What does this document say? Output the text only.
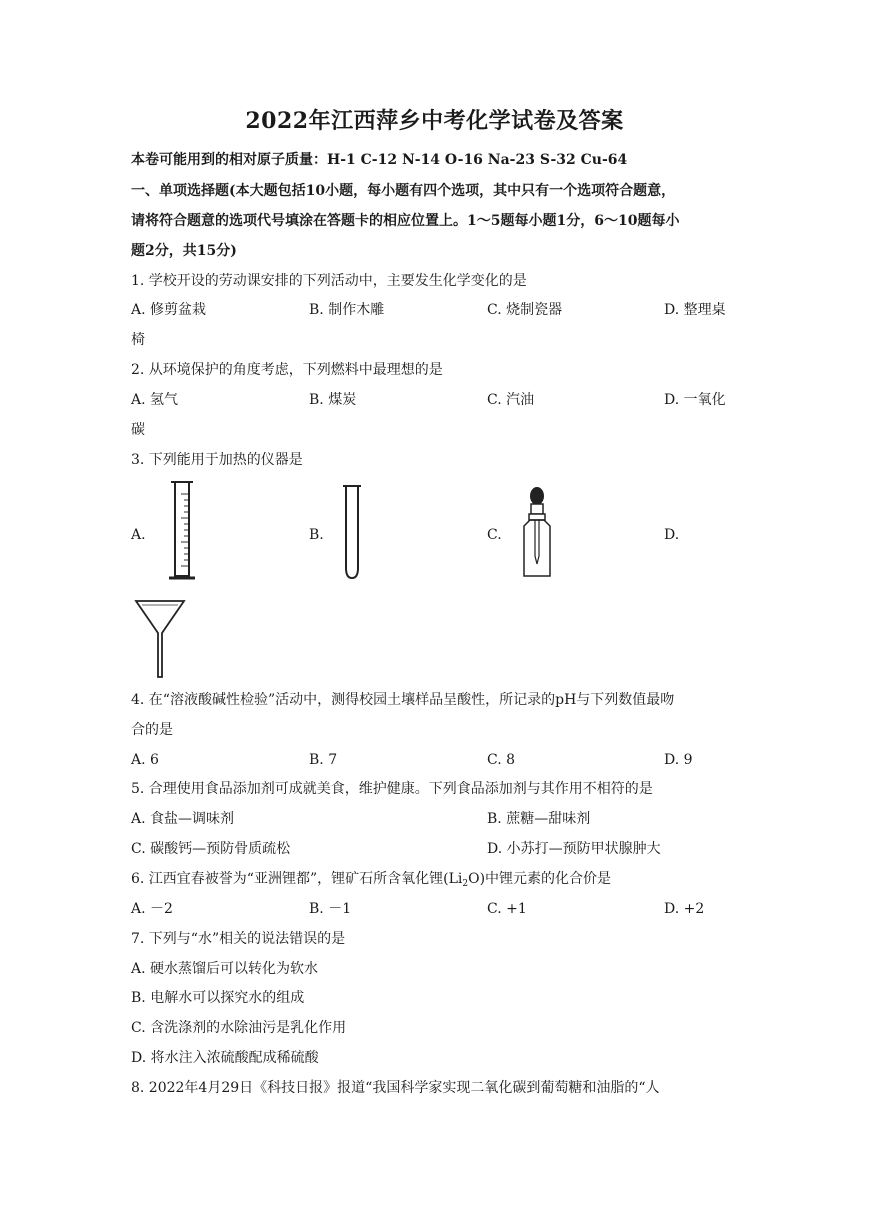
2022年江西萍乡中考化学试卷及答案
本卷可能用到的相对原子质量：H-1 C-12 N-14 O-16 Na-23 S-32 Cu-64
一、单项选择题(本大题包括10小题，每小题有四个选项，其中只有一个选项符合题意，
请将符合题意的选项代号填涂在答题卡的相应位置上。1～5题每小题1分，6～10题每小
题2分，共15分)
1. 学校开设的劳动课安排的下列活动中，主要发生化学变化的是
A. 修剪盆栽	B. 制作木雕	C. 烧制瓷器	D. 整理桌
椅
2. 从环境保护的角度考虑，下列燃料中最理想的是
A. 氢气	B. 煤炭	C. 汽油	D. 一氧化
碳
3. 下列能用于加热的仪器是
A.	B.	C.	D.
4. 在“溶液酸碱性检验”活动中，测得校园土壤样品呈酸性，所记录的pH与下列数值最吻
合的是
A. 6	B. 7	C. 8	D. 9
5. 合理使用食品添加剂可成就美食，维护健康。下列食品添加剂与其作用不相符的是
A. 食盐—调味剂	B. 蔗糖—甜味剂
C. 碳酸钙—预防骨质疏松	D. 小苏打—预防甲状腺肿大
6. 江西宜春被誉为“亚洲锂都”，锂矿石所含氧化锂$(Li_2O)$中锂元素的化合价是
A. －2	B. －1	C. +1	D. +2
7. 下列与“水”相关的说法错误的是
A. 硬水蒸馏后可以转化为软水
B. 电解水可以探究水的组成
C. 含洗涤剂的水除油污是乳化作用
D. 将水注入浓硫酸配成稀硫酸
8. 2022年4月29日《科技日报》报道“我国科学家实现二氧化碳到葡萄糖和油脂的“人
